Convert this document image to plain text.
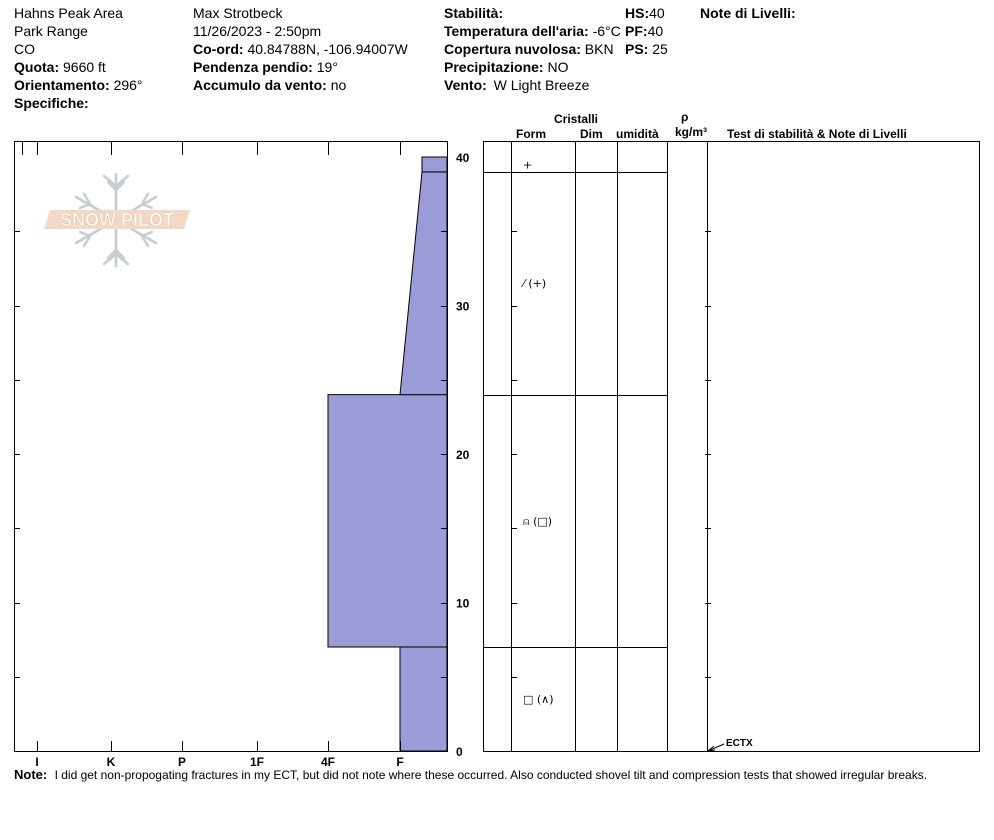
Hahns Peak Area
Park Range
CO
Quota: 9660 ft
Orientamento: 296°
Specifiche:
Max Strotbeck
11/26/2023 - 2:50pm
Co-ord: 40.84788N, -106.94007W
Pendenza pendio: 19°
Accumulo da vento: no
Stabilità:
Temperatura dell'aria: -6°C
Copertura nuvolosa: BKN
Precipitazione: NO
Vento: W Light Breeze
HS:40
PF:40
PS: 25
Note di Livelli:
Cristalli
Form	Dim umidità
ρ
kg/m³ Test di stabilità & Note di Livelli
0
10
20
30
40
I	K	P	1F	4F	F
□ (∧)
⍝ (□)
⁄ (+)
+
ECTX
SNOW PILOT
Note: I did get non-propogating fractures in my ECT, but did not note where these occurred. Also conducted shovel tilt and compression tests that showed irregular breaks.
